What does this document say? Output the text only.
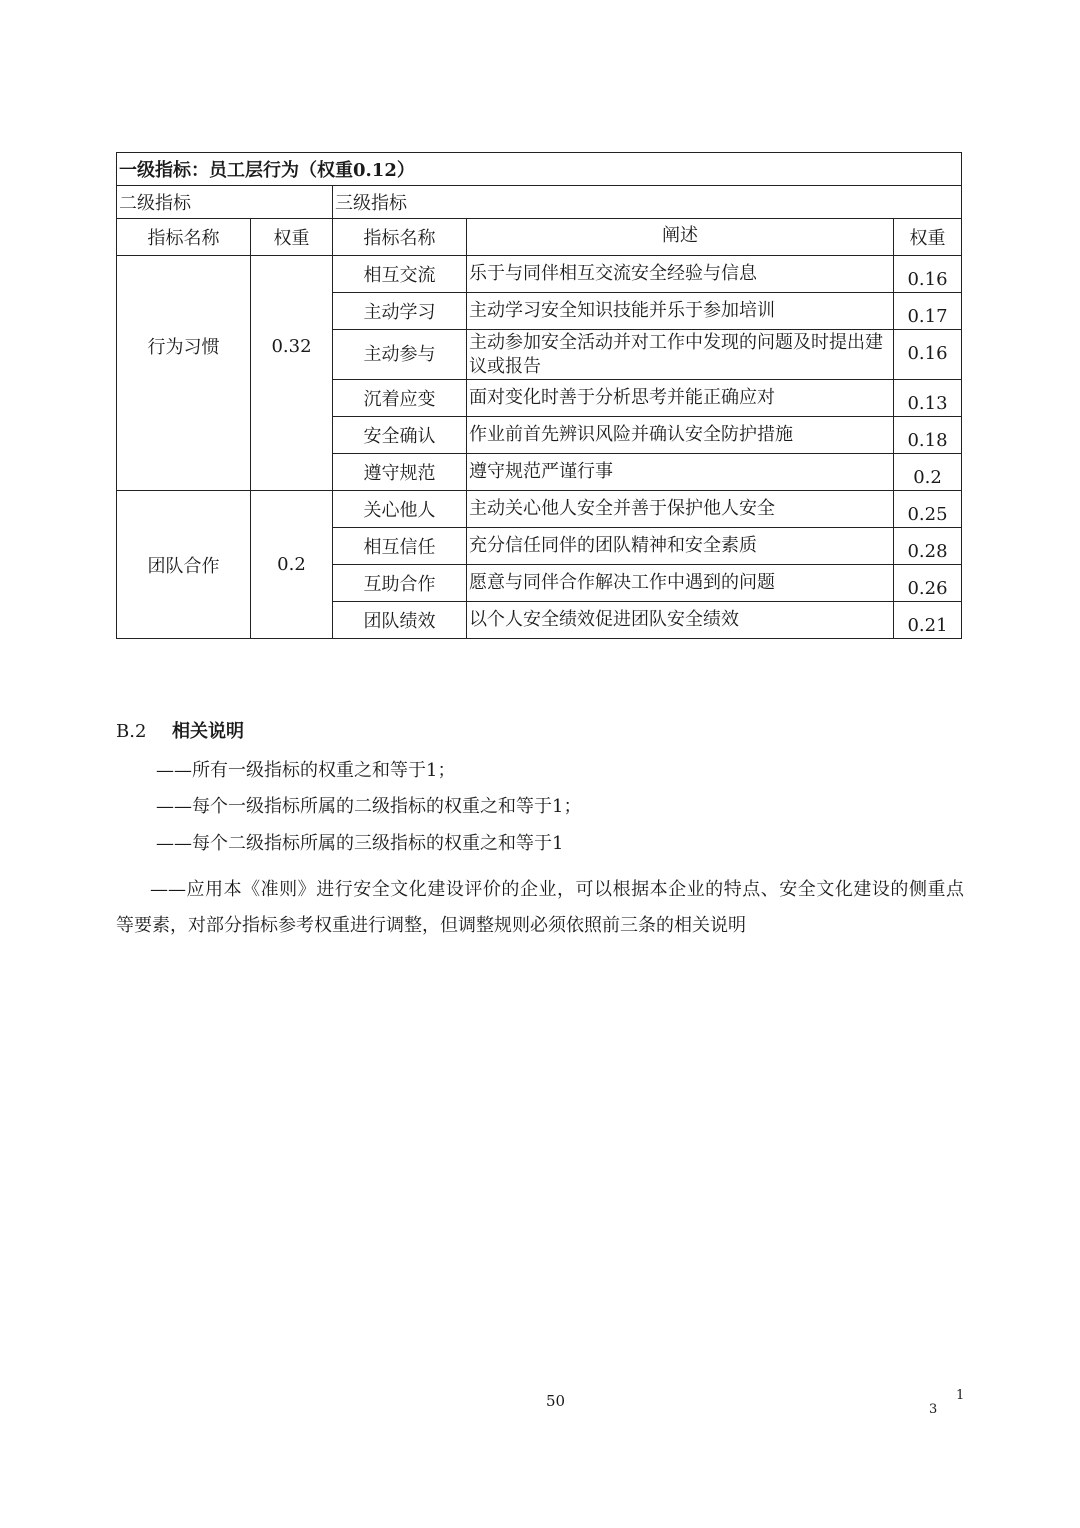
一级指标：员工层行为（权重0.12）				
二级指标		三级指标		
指标名称	权重	指标名称	阐述	权重
行为习惯	0.32	相互交流	乐于与同伴相互交流安全经验与信息	0.16
		主动学习	主动学习安全知识技能并乐于参加培训	0.17
		主动参与	主动参加安全活动并对工作中发现的问题及时提出建议或报告	0.16
		沉着应变	面对变化时善于分析思考并能正确应对	0.13
		安全确认	作业前首先辨识风险并确认安全防护措施	0.18
		遵守规范	遵守规范严谨行事	0.2
团队合作	0.2	关心他人	主动关心他人安全并善于保护他人安全	0.25
		相互信任	充分信任同伴的团队精神和安全素质	0.28
		互助合作	愿意与同伴合作解决工作中遇到的问题	0.26
		团队绩效	以个人安全绩效促进团队安全绩效	0.21
B.2 相关说明
——所有一级指标的权重之和等于1；
——每个一级指标所属的二级指标的权重之和等于1；
——每个二级指标所属的三级指标的权重之和等于1
——应用本《准则》进行安全文化建设评价的企业，可以根据本企业的特点、安全文化建设的侧重点 等要素，对部分指标参考权重进行调整，但调整规则必须依照前三条的相关说明
50	1
3
